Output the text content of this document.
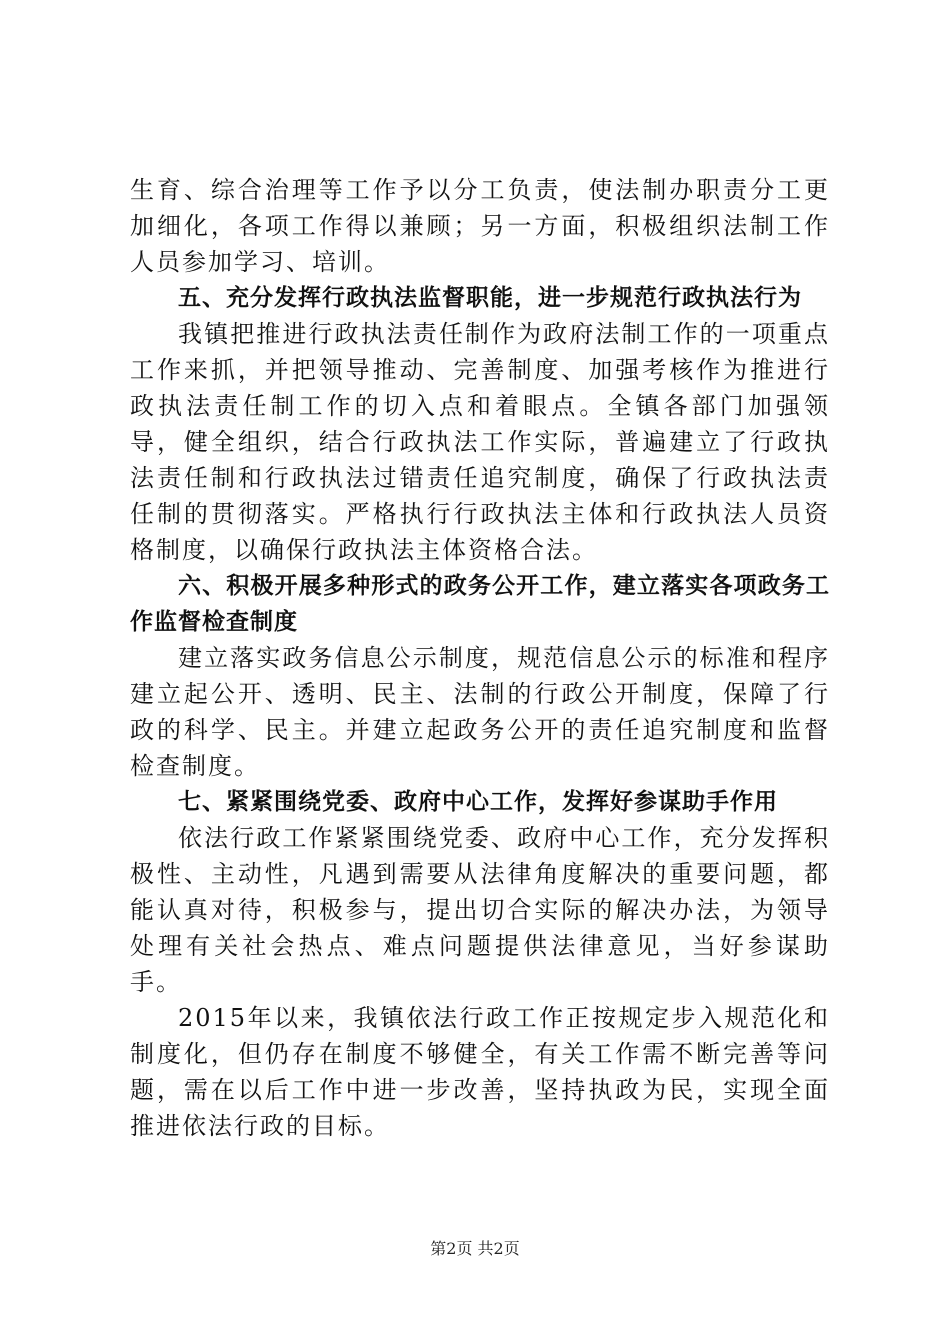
生育、综合治理等工作予以分工负责，使法制办职责分工更加细化，各项工作得以兼顾；另一方面，积极组织法制工作人员参加学习、培训。

五、充分发挥行政执法监督职能，进一步规范行政执法行为

我镇把推进行政执法责任制作为政府法制工作的一项重点工作来抓，并把领导推动、完善制度、加强考核作为推进行政执法责任制工作的切入点和着眼点。全镇各部门加强领导，健全组织，结合行政执法工作实际，普遍建立了行政执法责任制和行政执法过错责任追究制度，确保了行政执法责任制的贯彻落实。严格执行行政执法主体和行政执法人员资格制度，以确保行政执法主体资格合法。

六、积极开展多种形式的政务公开工作，建立落实各项政务工作监督检查制度

建立落实政务信息公示制度，规范信息公示的标准和程序建立起公开、透明、民主、法制的行政公开制度，保障了行政的科学、民主。并建立起政务公开的责任追究制度和监督检查制度。

七、紧紧围绕党委、政府中心工作，发挥好参谋助手作用

依法行政工作紧紧围绕党委、政府中心工作，充分发挥积极性、主动性，凡遇到需要从法律角度解决的重要问题，都能认真对待，积极参与，提出切合实际的解决办法，为领导处理有关社会热点、难点问题提供法律意见，当好参谋助手。

2015年以来，我镇依法行政工作正按规定步入规范化和制度化，但仍存在制度不够健全，有关工作需不断完善等问题，需在以后工作中进一步改善，坚持执政为民，实现全面推进依法行政的目标。

第2页 共2页
